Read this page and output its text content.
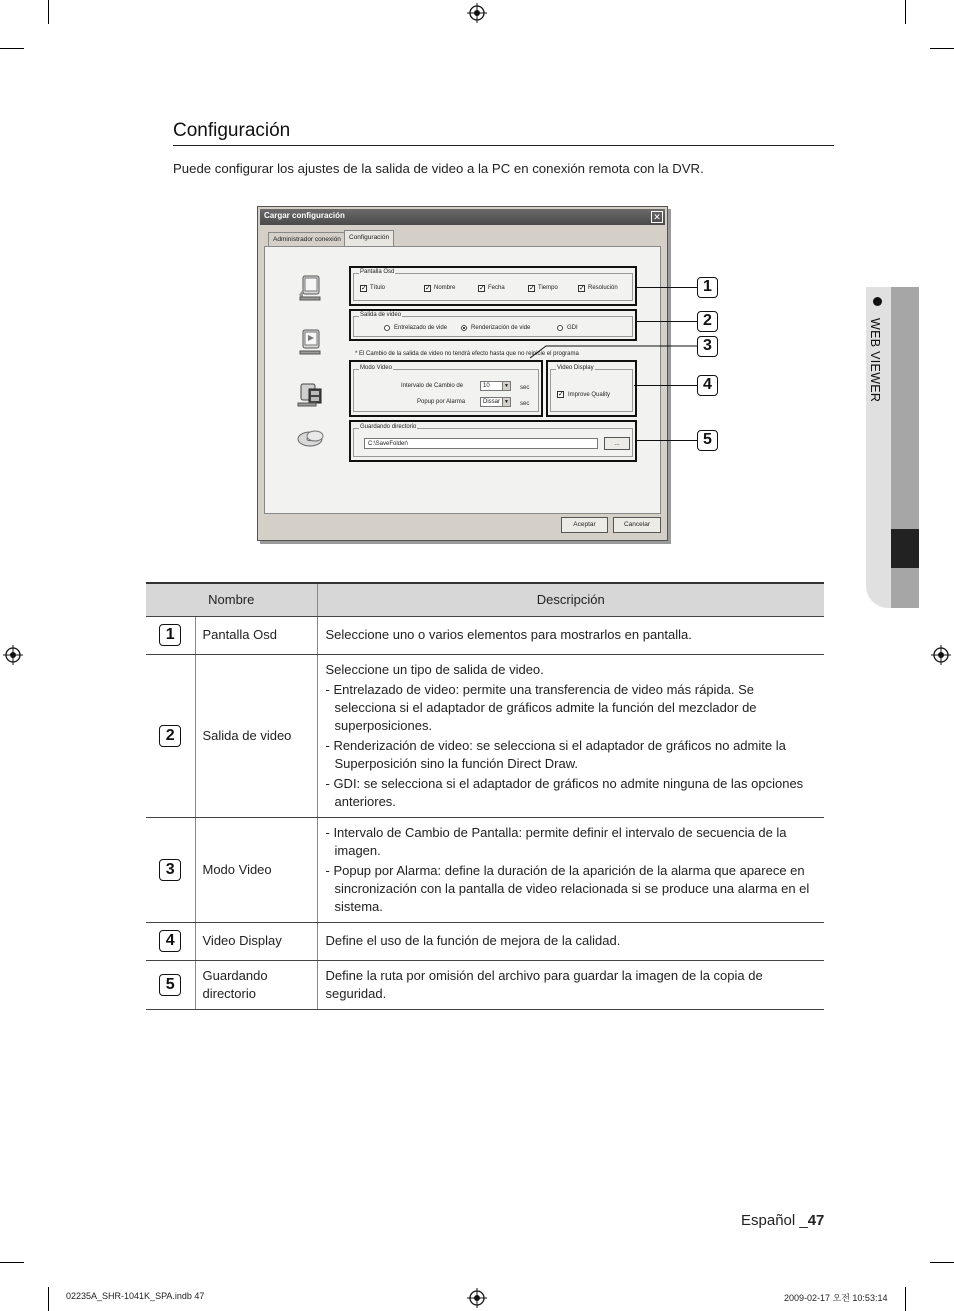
Configuración
Puede configurar los ajustes de la salida de video a la PC en conexión remota con la DVR.
Cargar configuración	✕
Administrador conexión	Configuración
Pantalla Osd
✓ Título	✓ Nombre	✓ Fecha	✓ Tiempo	✓ Resolución
Salida de video
Entrelazado de vide	Renderización de vide	GDI
* El Cambio de la salida de video no tendrá efecto hasta que no reinicie el programa
Modo Video
Intervalo de Cambio de	10	▼ sec
Popup por Alarma	Dissar ▼ sec
Video Display
✓ Improve Quality
Guardando directorio
C:\SaveFolder\	...
Aceptar	Cancelar
1
2
3
4
5
Nombre		Descripción
1	Pantalla Osd	Seleccione uno o varios elementos para mostrarlos en pantalla.

2	Salida de video	Seleccione un tipo de salida de video.
- Entrelazado de video: permite una transferencia de video más rápida. Se selecciona si el adaptador de gráficos admite la función del mezclador de superposiciones.
- Renderización de video: se selecciona si el adaptador de gráficos no admite la Superposición sino la función Direct Draw.
- GDI: se selecciona si el adaptador de gráficos no admite ninguna de las opciones anteriores.

3	Modo Video	- Intervalo de Cambio de Pantalla: permite definir el intervalo de secuencia de la imagen.
- Popup por Alarma: define la duración de la aparición de la alarma que aparece en sincronización con la pantalla de video relacionada si se produce una alarma en el sistema.

4	Video Display	Define el uso de la función de mejora de la calidad.

5	Guardando directorio	Define la ruta por omisión del archivo para guardar la imagen de la copia de seguridad.
WEB VIEWER
Español _47
02235A_SHR-1041K_SPA.indb 47	2009-02-17 오전 10:53:14
